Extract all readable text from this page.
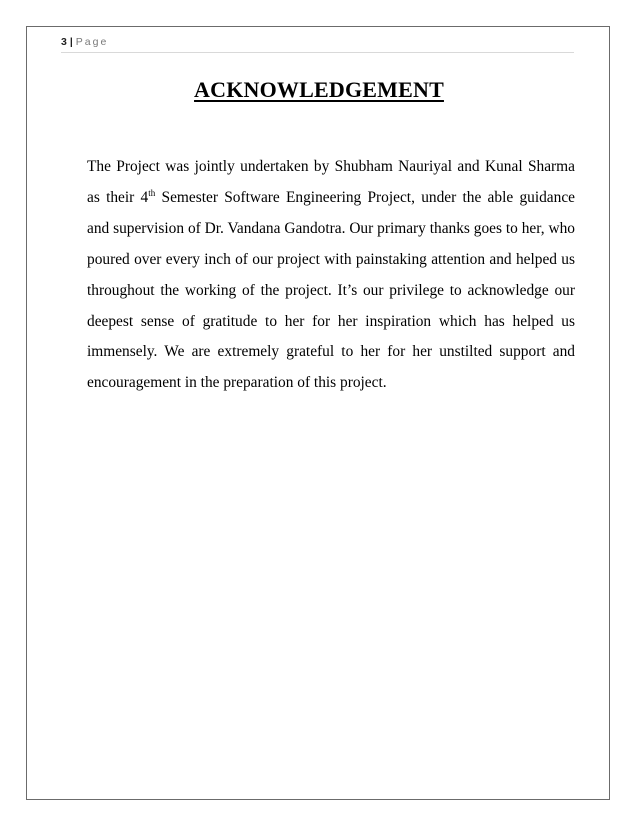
3 | Page
ACKNOWLEDGEMENT

The Project was jointly undertaken by Shubham Nauriyal and Kunal Sharma as their 4th Semester Software Engineering Project, under the able guidance and supervision of Dr. Vandana Gandotra. Our primary thanks goes to her, who poured over every inch of our project with painstaking attention and helped us throughout the working of the project. It’s our privilege to acknowledge our deepest sense of gratitude to her for her inspiration which has helped us immensely. We are extremely grateful to her for her unstilted support and encouragement in the preparation of this project.
